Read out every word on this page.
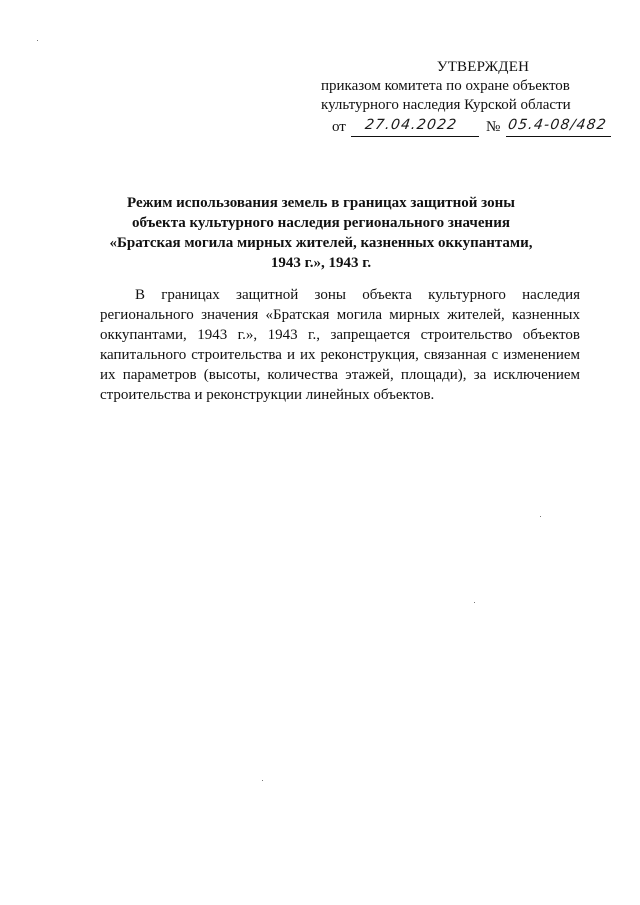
УТВЕРЖДЕН
приказом комитета по охране объектов
культурного наследия Курской области
от 27.04.2022 № 05.4-08/482
Режим использования земель в границах защитной зоны объекта культурного наследия регионального значения «Братская могила мирных жителей, казненных оккупантами, 1943 г.», 1943 г.
В границах защитной зоны объекта культурного наследия регионального значения «Братская могила мирных жителей, казненных оккупантами, 1943 г.», 1943 г., запрещается строительство объектов капитального строительства и их реконструкция, связанная с изменением их параметров (высоты, количества этажей, площади), за исключением строительства и реконструкции линейных объектов.
